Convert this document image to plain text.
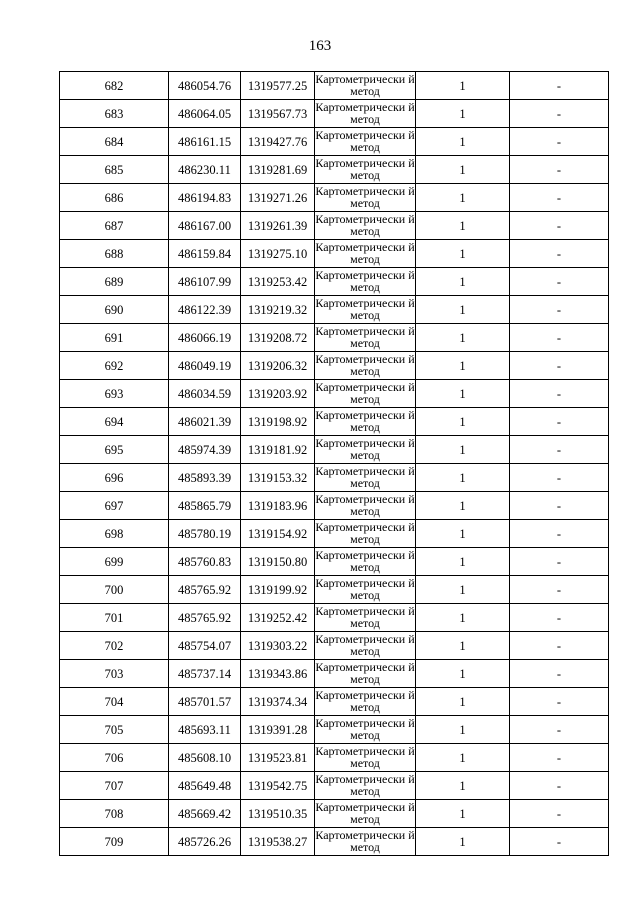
163
682	486054.76	1319577.25	Картометрически й метод	1	-
683	486064.05	1319567.73	Картометрически й метод	1	-
684	486161.15	1319427.76	Картометрически й метод	1	-
685	486230.11	1319281.69	Картометрически й метод	1	-
686	486194.83	1319271.26	Картометрически й метод	1	-
687	486167.00	1319261.39	Картометрически й метод	1	-
688	486159.84	1319275.10	Картометрически й метод	1	-
689	486107.99	1319253.42	Картометрически й метод	1	-
690	486122.39	1319219.32	Картометрически й метод	1	-
691	486066.19	1319208.72	Картометрически й метод	1	-
692	486049.19	1319206.32	Картометрически й метод	1	-
693	486034.59	1319203.92	Картометрически й метод	1	-
694	486021.39	1319198.92	Картометрически й метод	1	-
695	485974.39	1319181.92	Картометрически й метод	1	-
696	485893.39	1319153.32	Картометрически й метод	1	-
697	485865.79	1319183.96	Картометрически й метод	1	-
698	485780.19	1319154.92	Картометрически й метод	1	-
699	485760.83	1319150.80	Картометрически й метод	1	-
700	485765.92	1319199.92	Картометрически й метод	1	-
701	485765.92	1319252.42	Картометрически й метод	1	-
702	485754.07	1319303.22	Картометрически й метод	1	-
703	485737.14	1319343.86	Картометрически й метод	1	-
704	485701.57	1319374.34	Картометрически й метод	1	-
705	485693.11	1319391.28	Картометрически й метод	1	-
706	485608.10	1319523.81	Картометрически й метод	1	-
707	485649.48	1319542.75	Картометрически й метод	1	-
708	485669.42	1319510.35	Картометрически й метод	1	-
709	485726.26	1319538.27	Картометрически й метод	1	-
